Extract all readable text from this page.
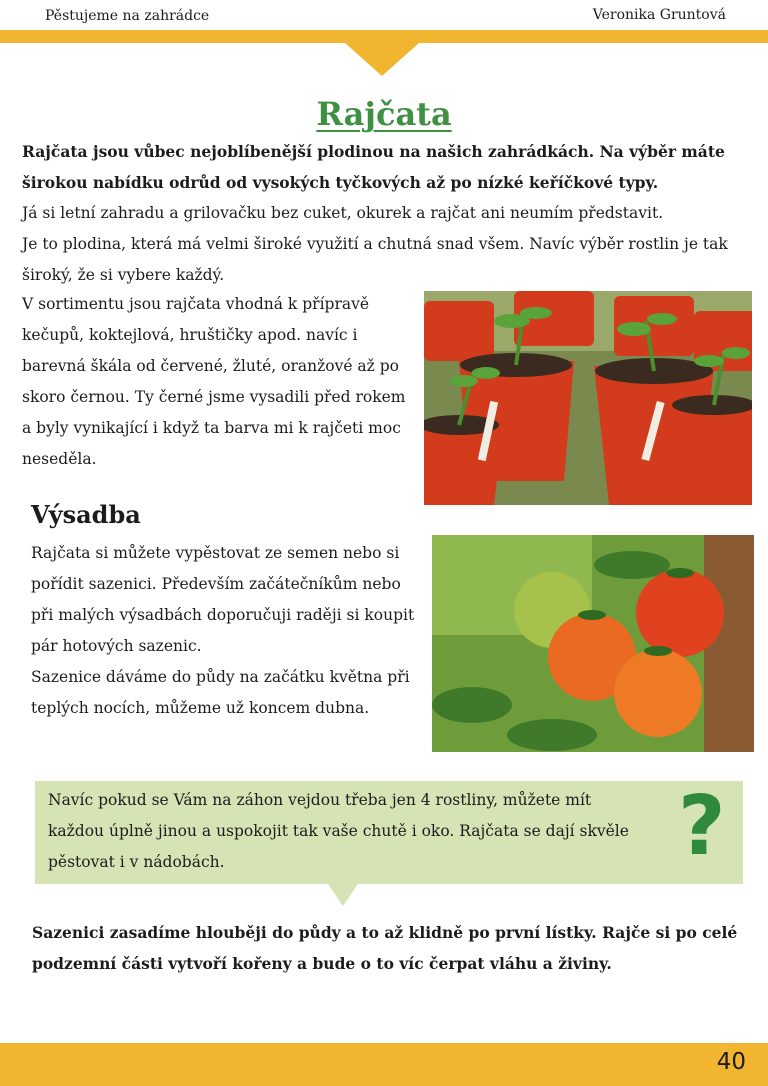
Pěstujeme na zahrádce	Veronika Gruntová
Rajčata
Rajčata jsou vůbec nejoblíbenější plodinou na našich zahrádkách. Na výběr máte širokou nabídku odrůd od vysokých tyčkových až po nízké keříčkové typy.
Já si letní zahradu a grilovačku bez cuket, okurek a rajčat ani neumím představit.
Je to plodina, která má velmi široké využití a chutná snad všem. Navíc výběr rostlin je tak široký, že si vybere každý.

V sortimentu jsou rajčata vhodná k přípravě kečupů, koktejlová, hruštičky apod. navíc i barevná škála od červené, žluté, oranžové až po skoro černou. Ty černé jsme vysadili před rokem a byly vynikající i když ta barva mi k rajčeti moc neseděla.

Výsadba
Rajčata si můžete vypěstovat ze semen nebo si pořídit sazenici. Především začátečníkům nebo při malých výsadbách doporučuji raději si koupit pár hotových sazenic.
Sazenice dáváme do půdy na začátku května při teplých nocích, můžeme už koncem dubna.

Navíc pokud se Vám na záhon vejdou třeba jen 4 rostliny, můžete mít každou úplně jinou a uspokojit tak vaše chutě i oko. Rajčata se dají skvěle pěstovat i v nádobách.	?

Sazenici zasadíme hlouběji do půdy a to až klidně po první lístky. Rajče si po celé podzemní části vytvoří kořeny a bude o to víc čerpat vláhu a živiny.

40
